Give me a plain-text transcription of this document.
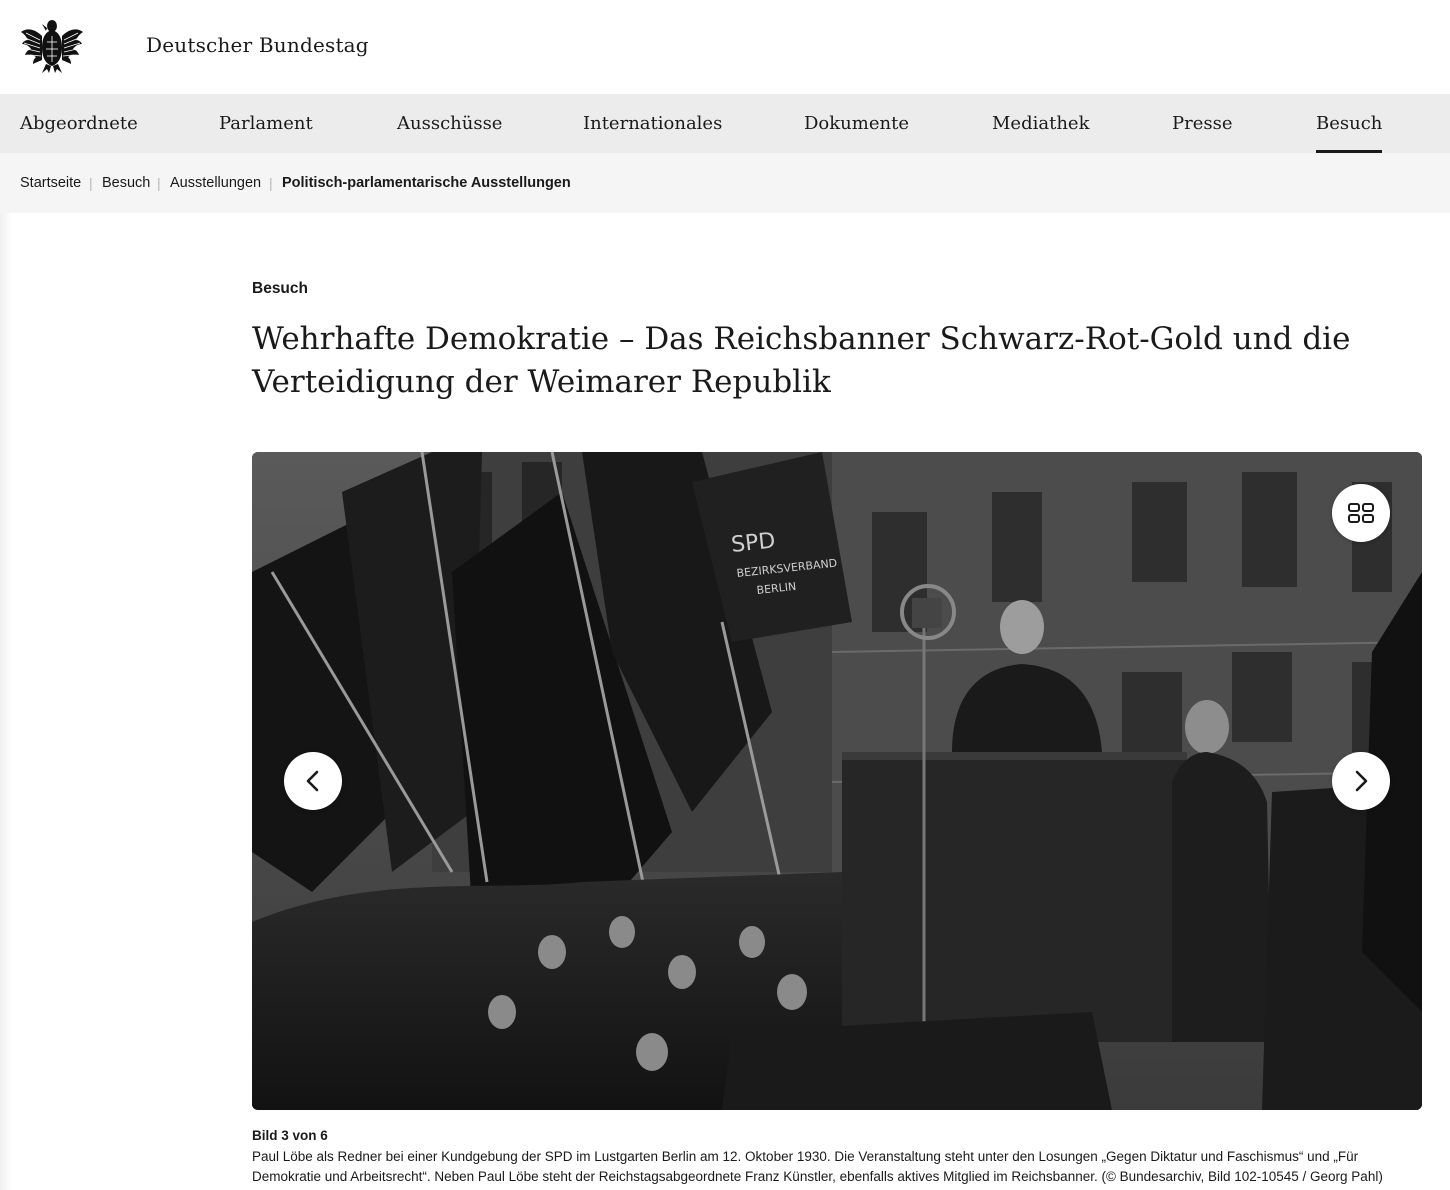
Deutscher Bundestag
Abgeordnete	Parlament	Ausschüsse	Internationales	Dokumente	Mediathek	Presse	Besuch
Startseite | Besuch | Ausstellungen | Politisch-parlamentarische Ausstellungen
Besuch
Wehrhafte Demokratie – Das Reichsbanner Schwarz-Rot-Gold und die Verteidigung der Weimarer Republik
SPD
BEZIRKSVERBAND
BERLIN
Bild 3 von 6

Paul Löbe als Redner bei einer Kundgebung der SPD im Lustgarten Berlin am 12. Oktober 1930. Die Veranstaltung steht unter den Losungen „Gegen Diktatur und Faschismus“ und „Für Demokratie und Arbeitsrecht“. Neben Paul Löbe steht der Reichstagsabgeordnete Franz Künstler, ebenfalls aktives Mitglied im Reichsbanner. (© Bundesarchiv, Bild 102-10545 / Georg Pahl)
